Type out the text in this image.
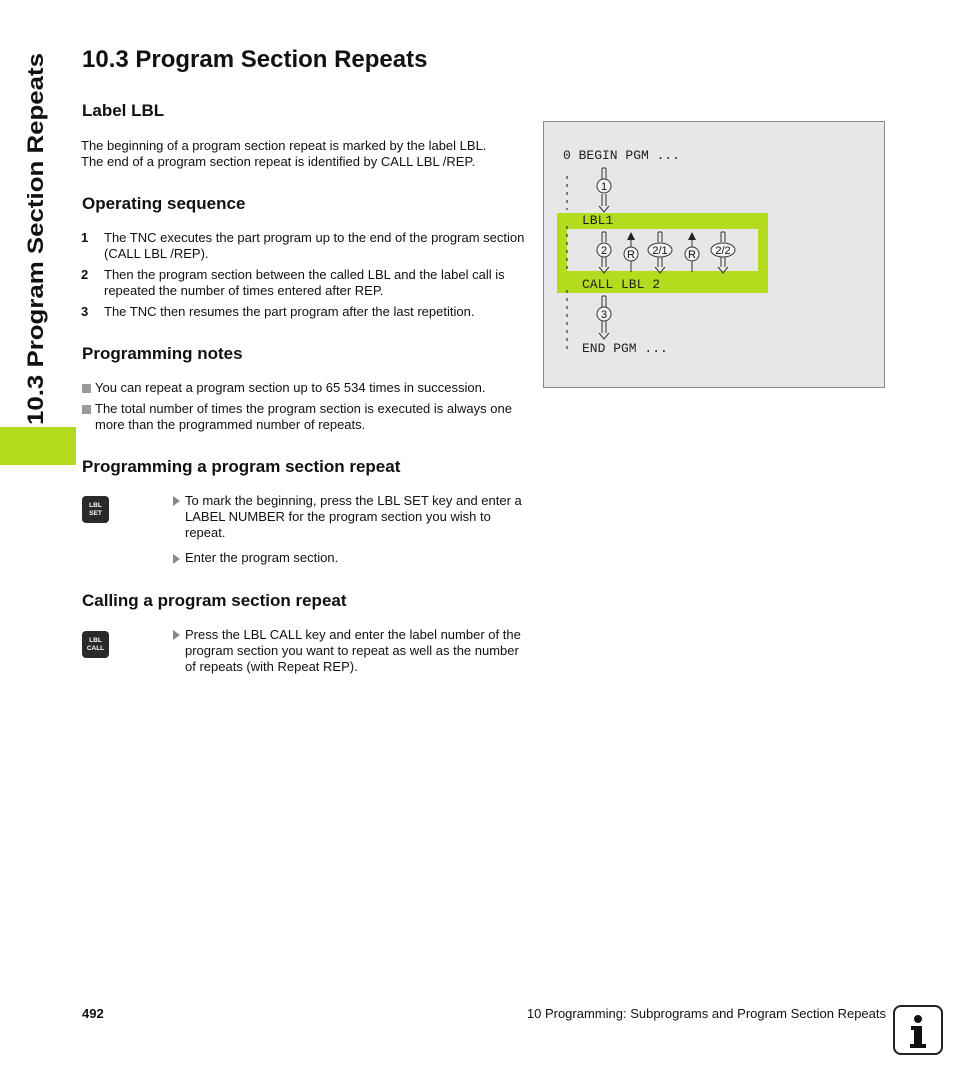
10.3 Program Section Repeats
10.3 Program Section Repeats
Label LBL

The beginning of a program section repeat is marked by the label LBL.

The end of a program section repeat is identified by CALL LBL /REP.

Operating sequence
1 The TNC executes the part program up to the end of the program section (CALL LBL /REP).
2 Then the program section between the called LBL and the label call is repeated the number of times entered after REP.
3 The TNC then resumes the part program after the last repetition.
Programming notes
You can repeat a program section up to 65 534 times in succession.
The total number of times the program section is executed is always one more than the programmed number of repeats.
Programming a program section repeat
LBL
SET
To mark the beginning, press the LBL SET key and enter a LABEL NUMBER for the program section you wish to repeat.
Enter the program section.
Calling a program section repeat
LBL
CALL
Press the LBL CALL key and enter the label number of the program section you want to repeat as well as the number of repeats (with Repeat REP).
0 BEGIN PGM ...
LBL1
CALL LBL 2
END PGM ...
1
2 R 2/1 R 2/2
3
492	10 Programming: Subprograms and Program Section Repeats
